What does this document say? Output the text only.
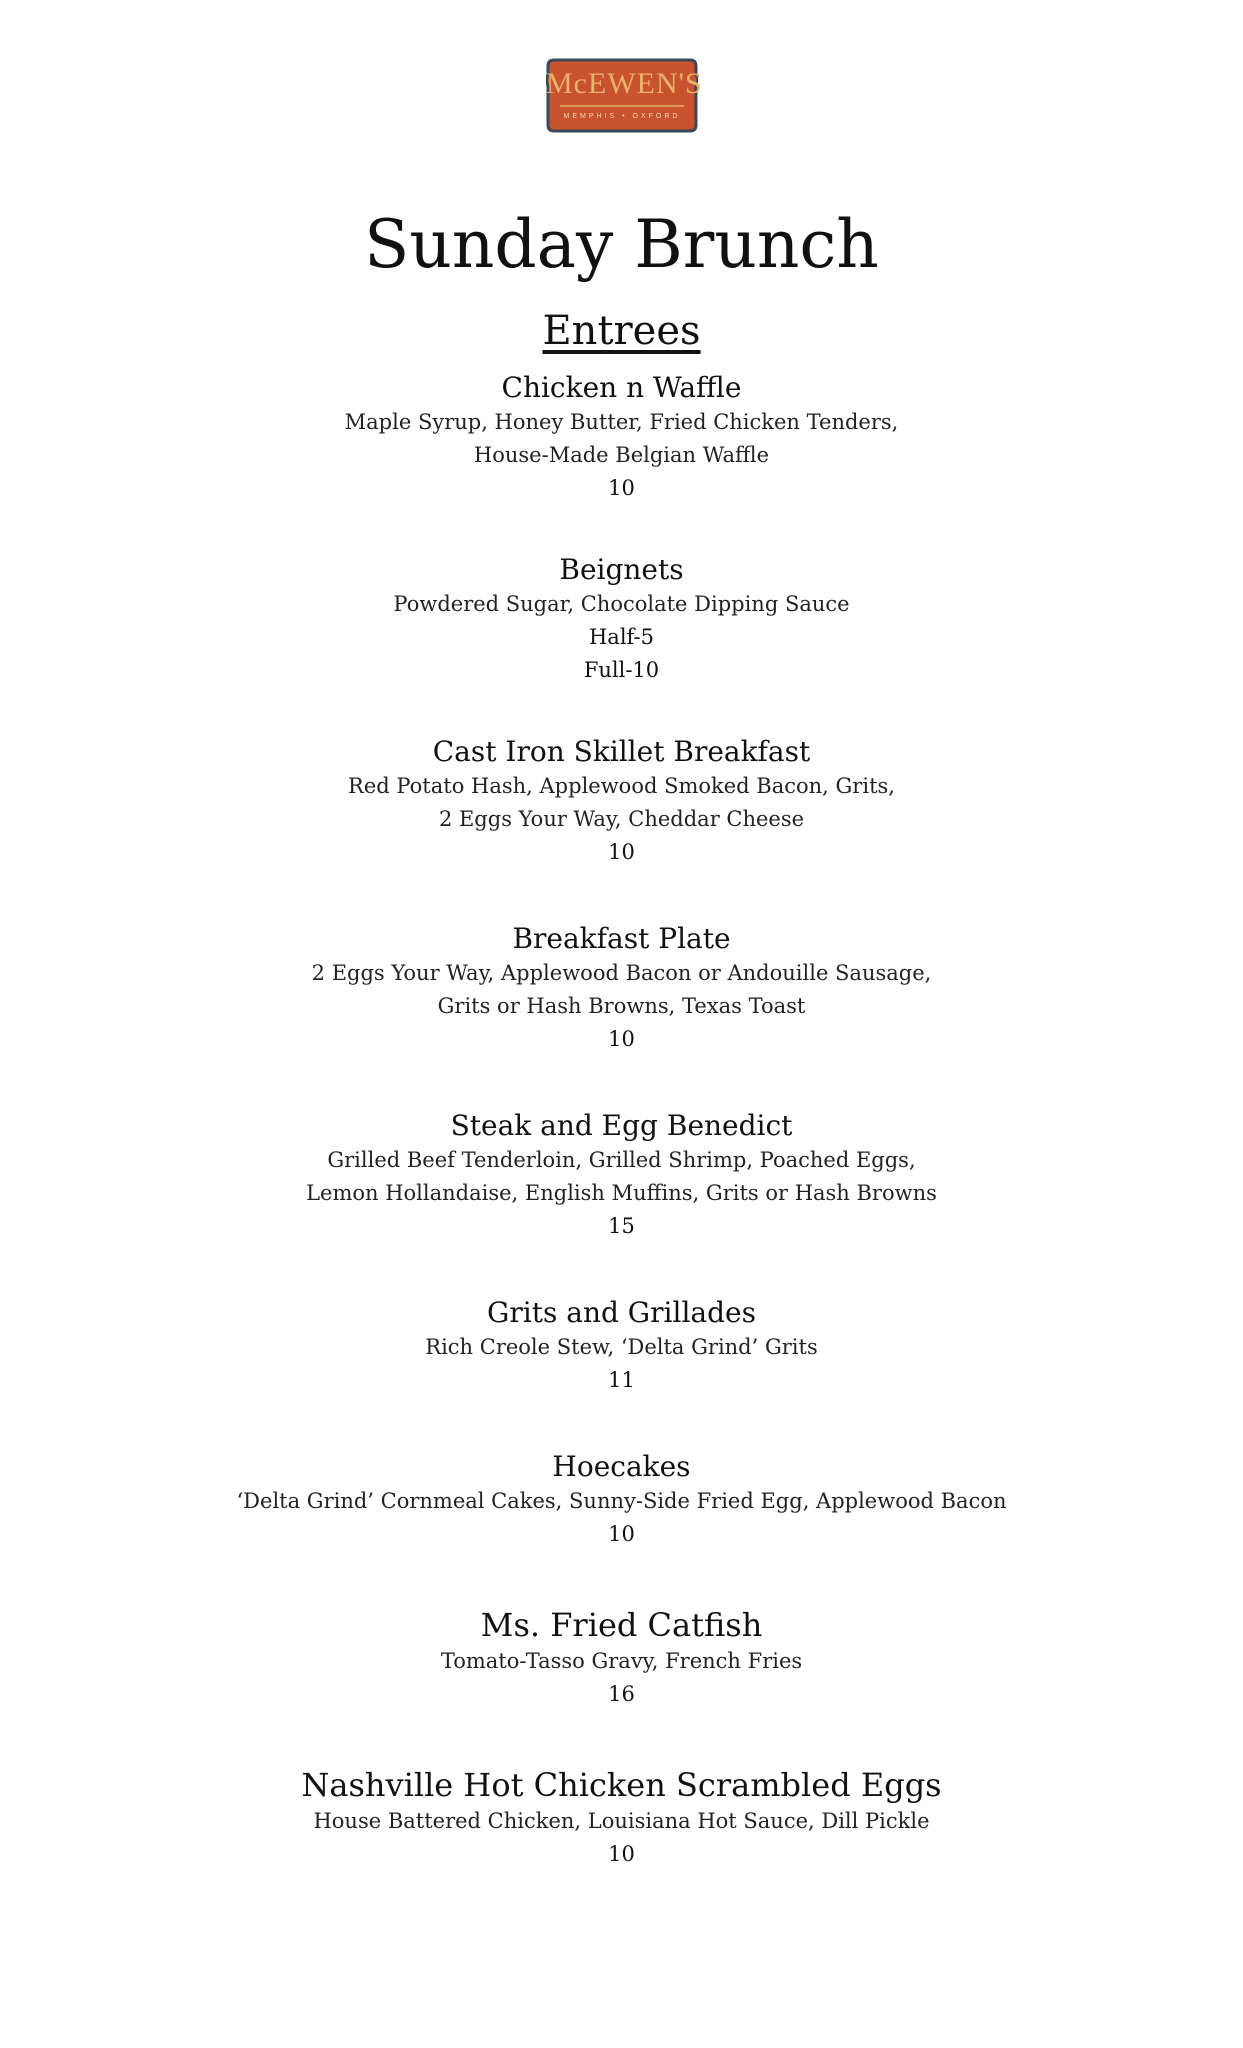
McEWEN'S
MEMPHIS • OXFORD
Sunday Brunch
Entrees

Chicken n Waffle

Maple Syrup, Honey Butter, Fried Chicken Tenders,

House-Made Belgian Waffle

10

Beignets

Powdered Sugar, Chocolate Dipping Sauce

Half-5

Full-10

Cast Iron Skillet Breakfast

Red Potato Hash, Applewood Smoked Bacon, Grits,

2 Eggs Your Way, Cheddar Cheese

10

Breakfast Plate

2 Eggs Your Way, Applewood Bacon or Andouille Sausage,

Grits or Hash Browns, Texas Toast

10

Steak and Egg Benedict

Grilled Beef Tenderloin, Grilled Shrimp, Poached Eggs,

Lemon Hollandaise, English Muffins, Grits or Hash Browns

15

Grits and Grillades

Rich Creole Stew, ‘Delta Grind’ Grits

11

Hoecakes

‘Delta Grind’ Cornmeal Cakes, Sunny-Side Fried Egg, Applewood Bacon

10

Ms. Fried Catfish

Tomato-Tasso Gravy, French Fries

16

Nashville Hot Chicken Scrambled Eggs

House Battered Chicken, Louisiana Hot Sauce, Dill Pickle

10
